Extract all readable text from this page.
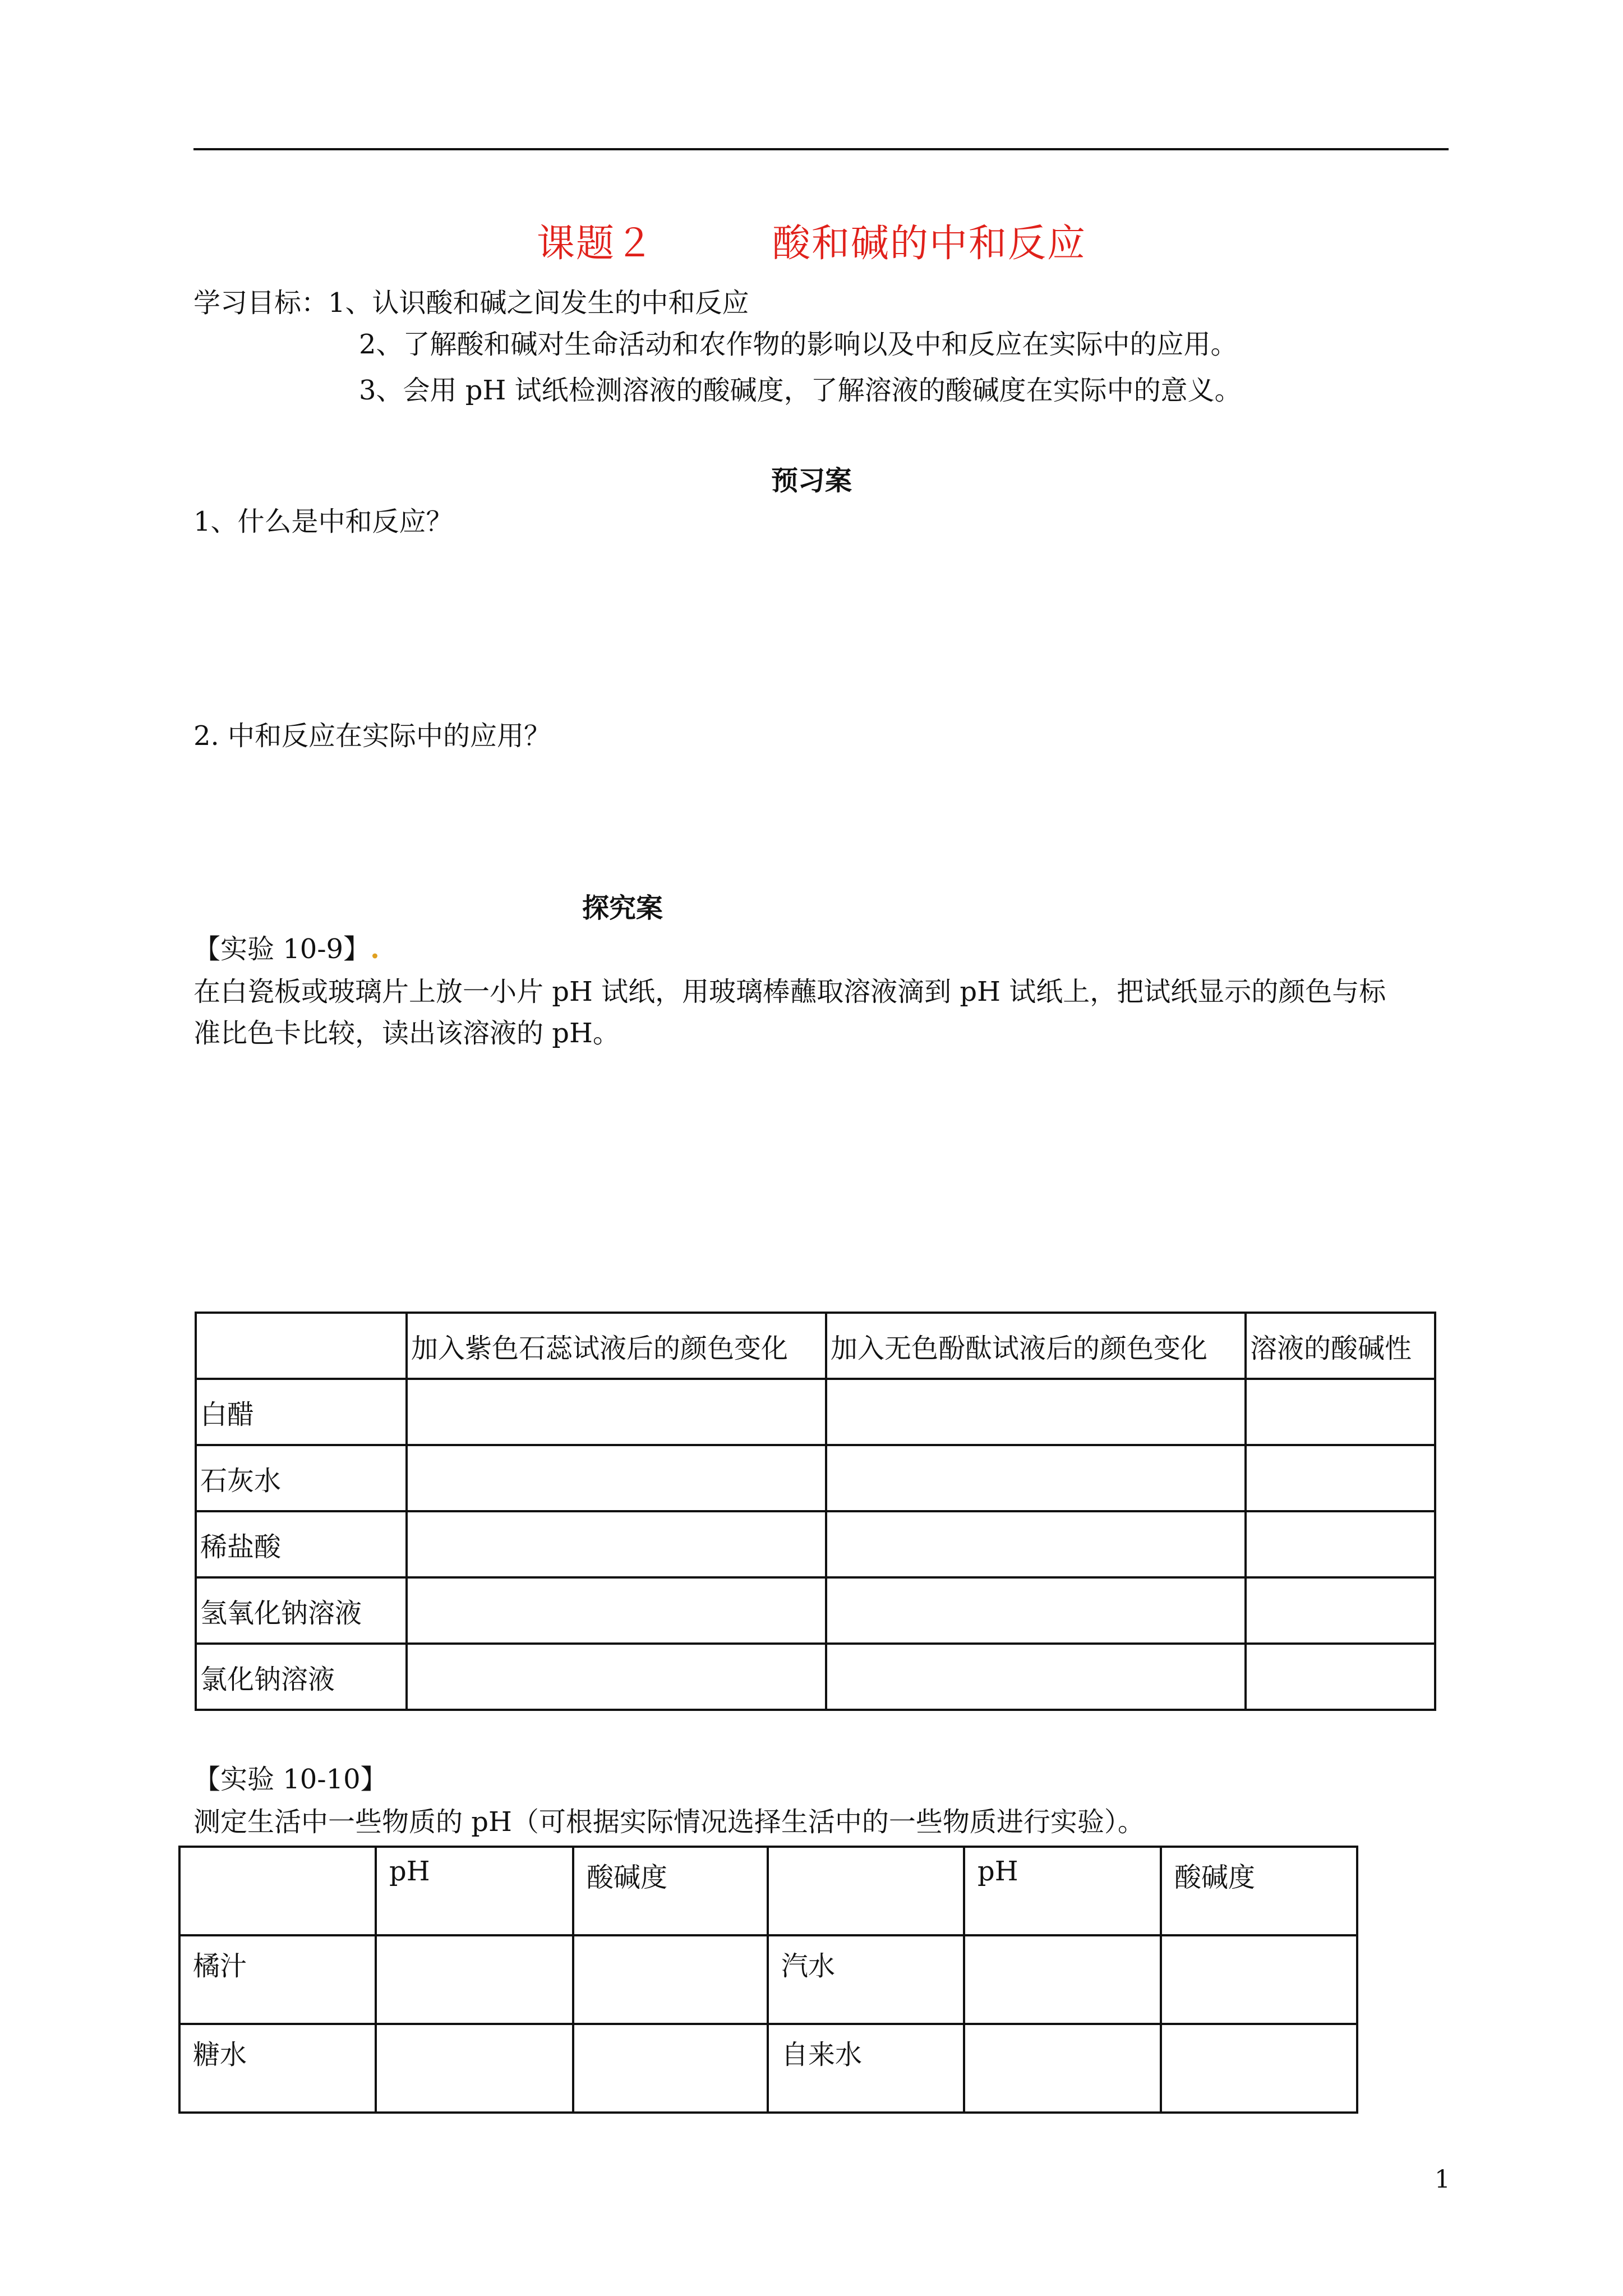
课题２　　　酸和碱的中和反应
学习目标：1、认识酸和碱之间发生的中和反应
2、了解酸和碱对生命活动和农作物的影响以及中和反应在实际中的应用。
3、会用 pH 试纸检测溶液的酸碱度，了解溶液的酸碱度在实际中的意义。
预习案
1、什么是中和反应？
2. 中和反应在实际中的应用？
探究案
【实验 10-9】.
在白瓷板或玻璃片上放一小片 pH 试纸，用玻璃棒蘸取溶液滴到 pH 试纸上，把试纸显示的颜色与标
准比色卡比较，读出该溶液的 pH。
	加入紫色石蕊试液后的颜色变化	加入无色酚酞试液后的颜色变化	溶液的酸碱性
白醋			
石灰水			
稀盐酸			
氢氧化钠溶液			
氯化钠溶液			
【实验 10-10】
测定生活中一些物质的 pH（可根据实际情况选择生活中的一些物质进行实验）。
	pH	酸碱度		pH	酸碱度
橘汁			汽水		
糖水			自来水		
1
